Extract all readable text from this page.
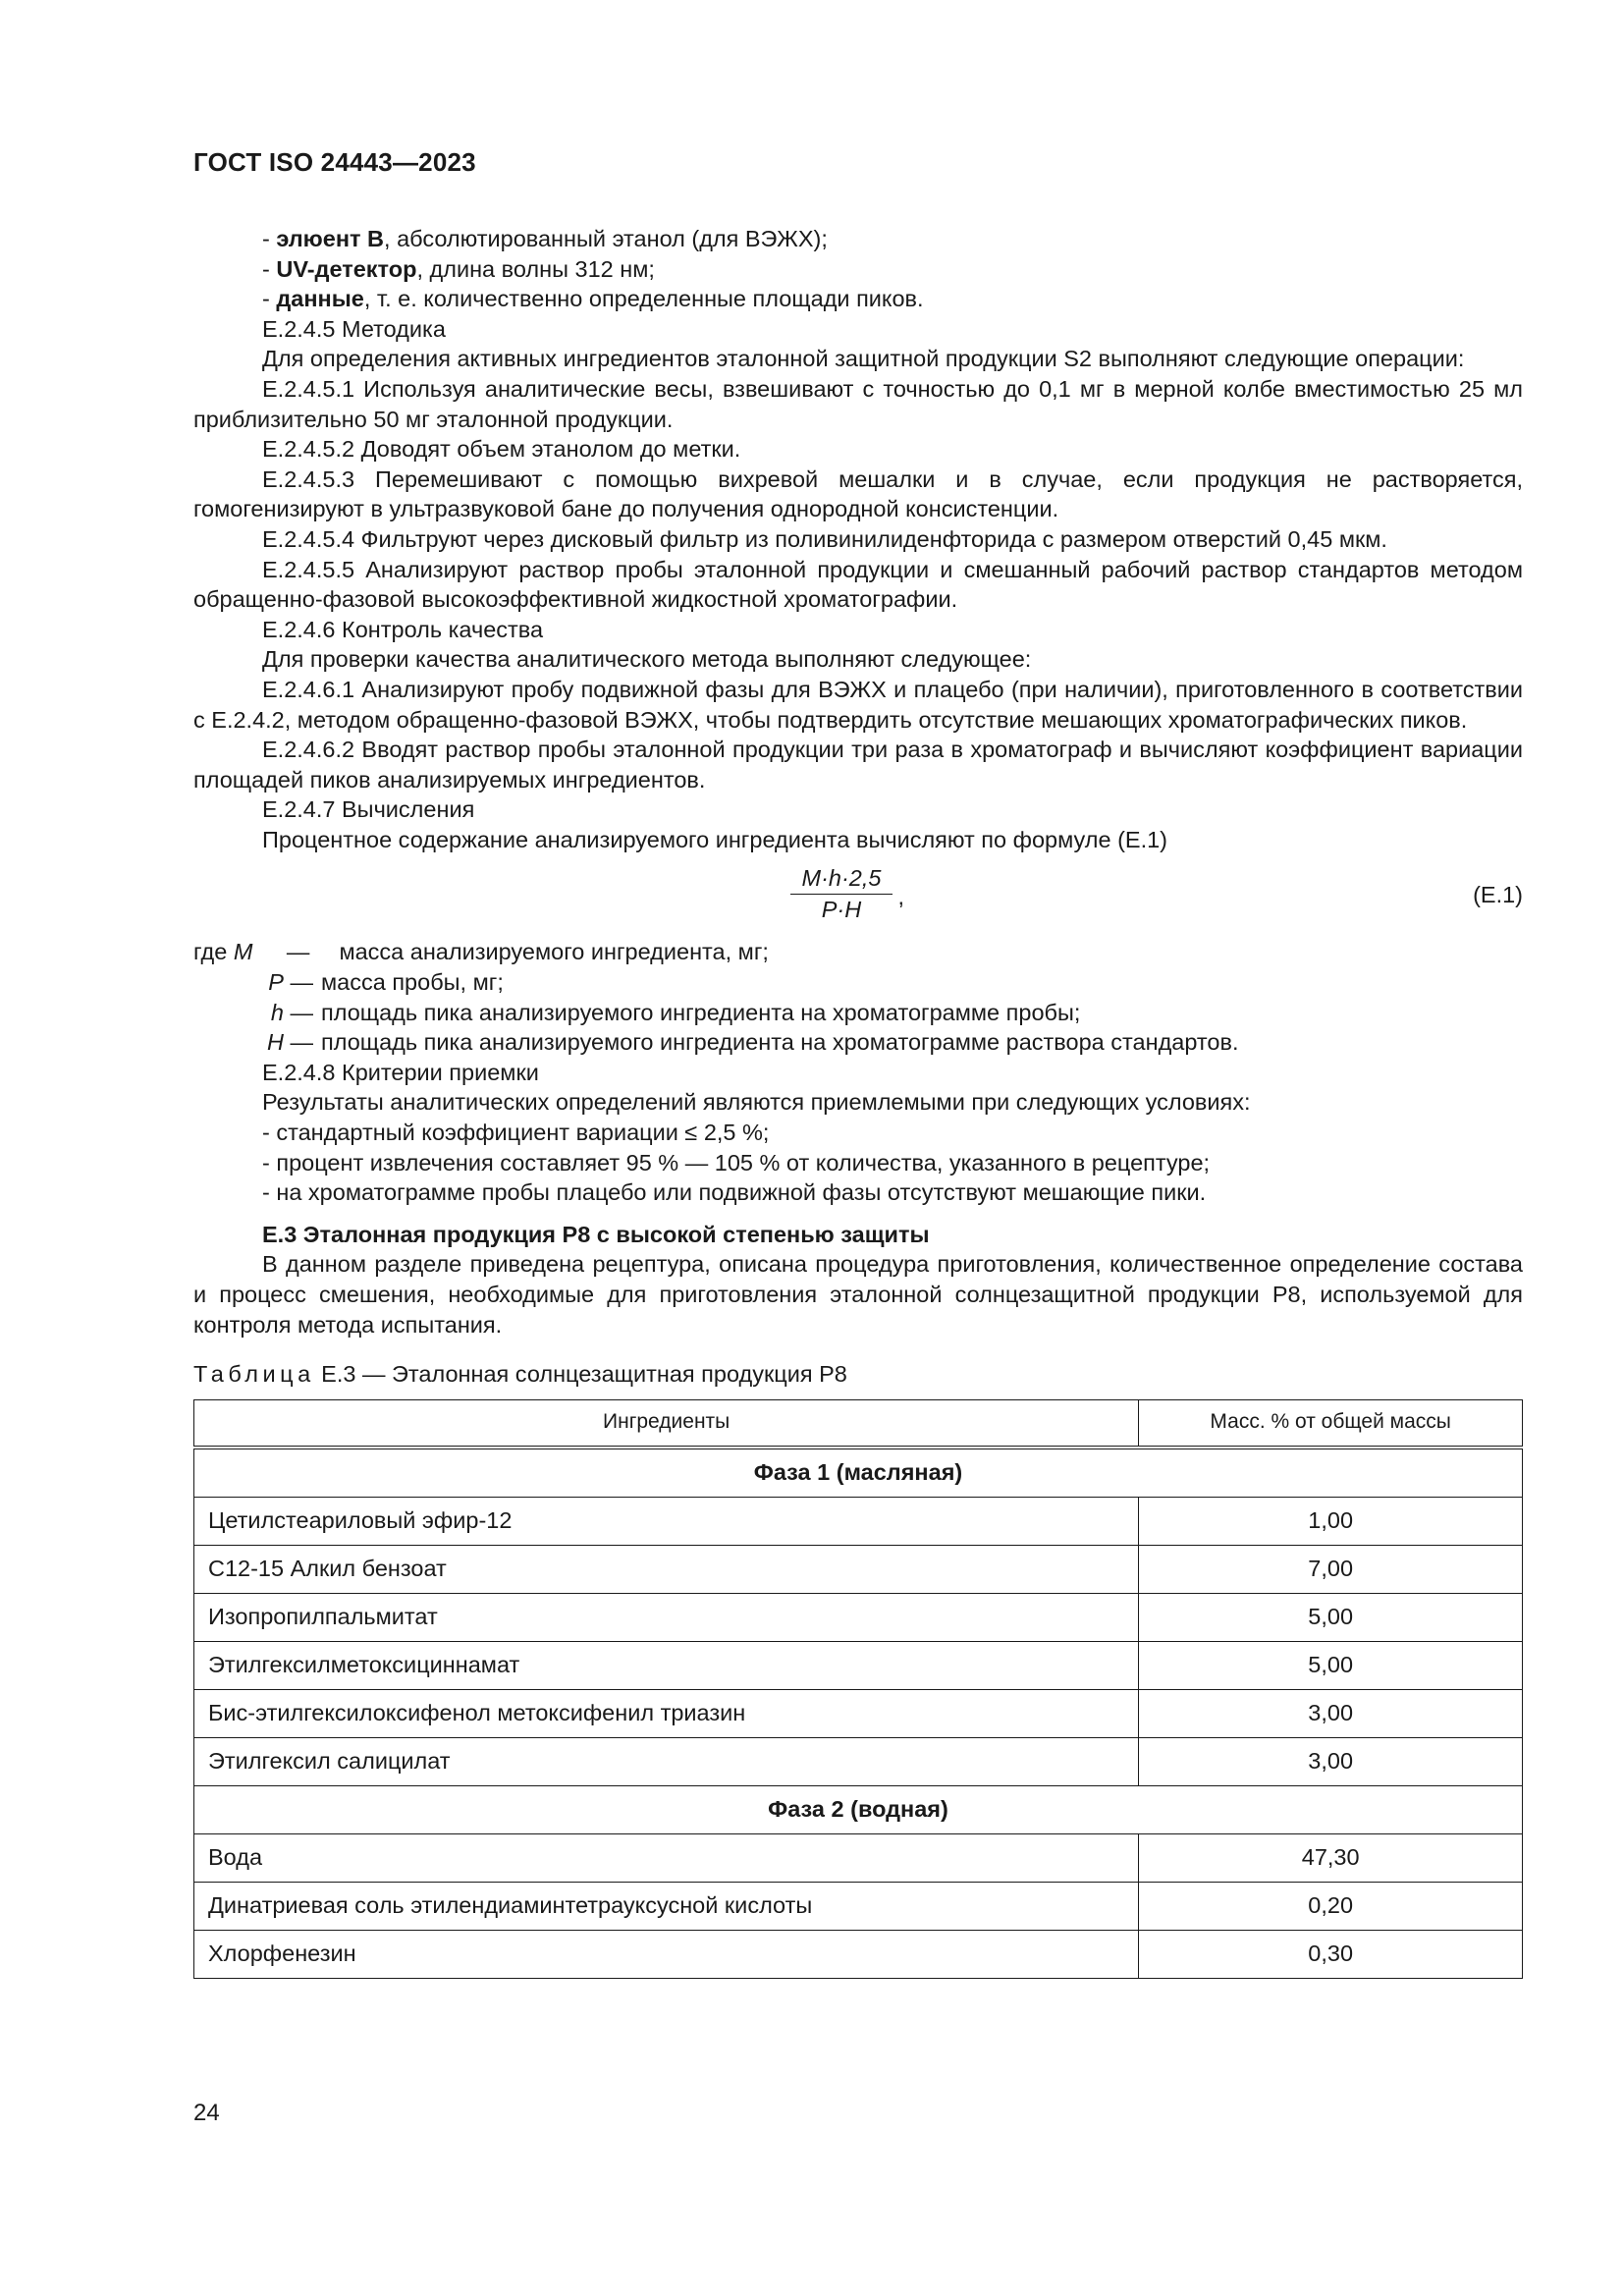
ГОСТ ISO 24443—2023

- элюент В, абсолютированный этанол (для ВЭЖХ);

- UV-детектор, длина волны 312 нм;

- данные, т. е. количественно определенные площади пиков.

Е.2.4.5 Методика

Для определения активных ингредиентов эталонной защитной продукции S2 выполняют следующие операции:

Е.2.4.5.1 Используя аналитические весы, взвешивают с точностью до 0,1 мг в мерной колбе вместимостью 25 мл приблизительно 50 мг эталонной продукции.

Е.2.4.5.2 Доводят объем этанолом до метки.

Е.2.4.5.3 Перемешивают с помощью вихревой мешалки и в случае, если продукция не растворяется, гомогенизируют в ультразвуковой бане до получения однородной консистенции.

Е.2.4.5.4 Фильтруют через дисковый фильтр из поливинилиденфторида с размером отверстий 0,45 мкм.

Е.2.4.5.5 Анализируют раствор пробы эталонной продукции и смешанный рабочий раствор стандартов методом обращенно-фазовой высокоэффективной жидкостной хроматографии.

Е.2.4.6 Контроль качества

Для проверки качества аналитического метода выполняют следующее:

Е.2.4.6.1 Анализируют пробу подвижной фазы для ВЭЖХ и плацебо (при наличии), приготовленного в соответствии с Е.2.4.2, методом обращенно-фазовой ВЭЖХ, чтобы подтвердить отсутствие мешающих хроматографических пиков.

Е.2.4.6.2 Вводят раствор пробы эталонной продукции три раза в хроматограф и вычисляют коэффициент вариации площадей пиков анализируемых ингредиентов.

Е.2.4.7 Вычисления

Процентное содержание анализируемого ингредиента вычисляют по формуле (Е.1)

M·h·2,5
P·H	,	(Е.1)
где M —	масса анализируемого ингредиента, мг;
P — масса пробы, мг;
h — площадь пика анализируемого ингредиента на хроматограмме пробы;
H — площадь пика анализируемого ингредиента на хроматограмме раствора стандартов.

Е.2.4.8 Критерии приемки

Результаты аналитических определений являются приемлемыми при следующих условиях:

- стандартный коэффициент вариации ≤ 2,5 %;

- процент извлечения составляет 95 % — 105 % от количества, указанного в рецептуре;

- на хроматограмме пробы плацебо или подвижной фазы отсутствуют мешающие пики.

Е.3 Эталонная продукция Р8 с высокой степенью защиты

В данном разделе приведена рецептура, описана процедура приготовления, количественное определение состава и процесс смешения, необходимые для приготовления эталонной солнцезащитной продукции Р8, используемой для контроля метода испытания.

Таблица Е.3 — Эталонная солнцезащитная продукция Р8

Ингредиенты	Масс. % от общей массы
Фаза 1 (масляная)	
Цетилстеариловый эфир-12	1,00
С12-15 Алкил бензоат	7,00
Изопропилпальмитат	5,00
Этилгексилметоксициннамат	5,00
Бис-этилгексилоксифенол метоксифенил триазин	3,00
Этилгексил салицилат	3,00
Фаза 2 (водная)	
Вода	47,30
Динатриевая соль этилендиаминтетрауксусной кислоты	0,20
Хлорфенезин	0,30
24
